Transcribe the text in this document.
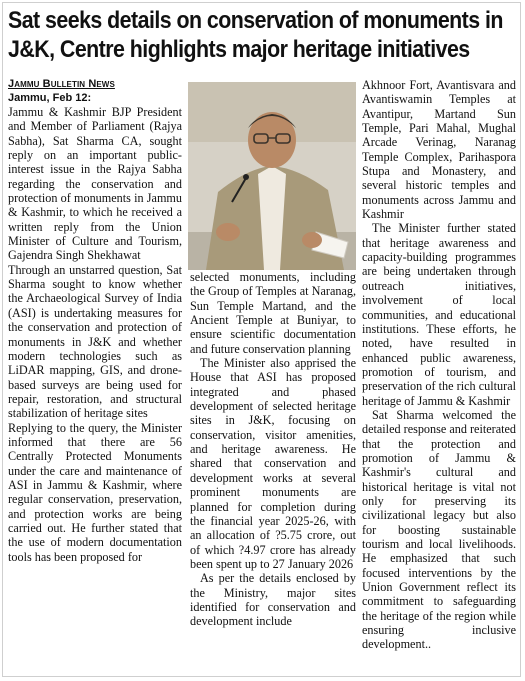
Sat seeks details on conservation of monuments in
J&K, Centre highlights major heritage initiatives
Jammu Bulletin News
Jammu, Feb 12:

Jammu & Kashmir BJP President and Member of Parliament (Rajya Sabha), Sat Sharma CA, sought reply on an important public-interest issue in the Rajya Sabha regarding the conservation and protection of monuments in Jammu & Kashmir, to which he received a written reply from the Union Minister of Culture and Tourism, Gajendra Singh Shekhawat

Through an unstarred question, Sat Sharma sought to know whether the Archaeological Survey of India (ASI) is undertaking measures for the conservation and protection of monuments in J&K and whether modern technologies such as LiDAR mapping, GIS, and drone-based surveys are being used for repair, restoration, and structural stabilization of heritage sites

Replying to the query, the Minister informed that there are 56 Centrally Protected Monuments under the care and maintenance of ASI in Jammu & Kashmir, where regular conservation, preservation, and protection works are being carried out. He further stated that the use of modern documentation tools has been proposed for

selected monuments, including the Group of Temples at Naranag, Sun Temple Martand, and the Ancient Temple at Buniyar, to ensure scientific documentation and future conservation planning

The Minister also apprised the House that ASI has proposed integrated and phased development of selected heritage sites in J&K, focusing on conservation, visitor amenities, and heritage awareness. He shared that conservation and development works at several prominent monuments are planned for completion during the financial year 2025-26, with an allocation of ?5.75 crore, out of which ?4.97 crore has already been spent up to 27 January 2026

As per the details enclosed by the Ministry, major sites identified for conservation and development include

Akhnoor Fort, Avantisvara and Avantiswamin Temples at Avantipur, Martand Sun Temple, Pari Mahal, Mughal Arcade Verinag, Naranag Temple Complex, Parihaspora Stupa and Monastery, and several historic temples and monuments across Jammu and Kashmir

The Minister further stated that heritage awareness and capacity-building programmes are being undertaken through outreach initiatives, involvement of local communities, and educational institutions. These efforts, he noted, have resulted in enhanced public awareness, promotion of tourism, and preservation of the rich cultural heritage of Jammu & Kashmir

Sat Sharma welcomed the detailed response and reiterated that the protection and promotion of Jammu & Kashmir's cultural and historical heritage is vital not only for preserving its civilizational legacy but also for boosting sustainable tourism and local livelihoods. He emphasized that such focused interventions by the Union Government reflect its commitment to safeguarding the heritage of the region while ensuring inclusive development..
